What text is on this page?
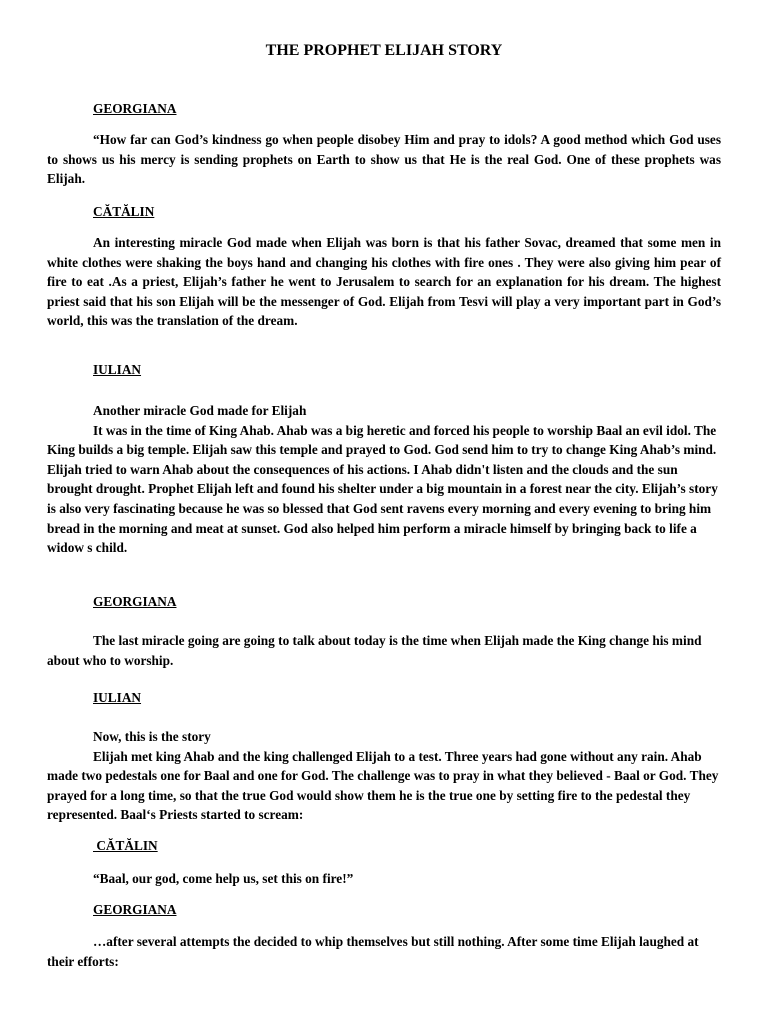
THE PROPHET ELIJAH STORY
GEORGIANA

“How far can God’s kindness go when people disobey Him and pray to idols? A good method which God uses to shows us his mercy is sending prophets on Earth to show us that He is the real God. One of these prophets was Elijah.

CĂTĂLIN

An interesting miracle God made when Elijah was born is that his father Sovac, dreamed that some men in white clothes were shaking the boys hand and changing his clothes with fire ones . They were also giving him pear of fire to eat .As a priest, Elijah’s father he went to Jerusalem to search for an explanation for his dream. The highest priest said that his son Elijah will be the messenger of God. Elijah from Tesvi will play a very important part in God’s world, this was the translation of the dream.

IULIAN

Another miracle God made for Elijah

It was in the time of King Ahab. Ahab was a big heretic and forced his people to worship Baal an evil idol. The King builds a big temple. Elijah saw this temple and prayed to God. God send him to try to change King Ahab’s mind. Elijah tried to warn Ahab about the consequences of his actions. I Ahab didn't listen and the clouds and the sun brought drought. Prophet Elijah left and found his shelter under a big mountain in a forest near the city. Elijah’s story is also very fascinating because he was so blessed that God sent ravens every morning and every evening to bring him bread in the morning and meat at sunset. God also helped him perform a miracle himself by bringing back to life a widow s child.

GEORGIANA

The last miracle going are going to talk about today is the time when Elijah made the King change his mind about who to worship.

IULIAN

Now, this is the story

Elijah met king Ahab and the king challenged Elijah to a test. Three years had gone without any rain. Ahab made two pedestals one for Baal and one for God. The challenge was to pray in what they believed - Baal or God. They prayed for a long time, so that the true God would show them he is the true one by setting fire to the pedestal they represented. Baal‘s Priests started to scream:

CĂTĂLIN

“Baal, our god, come help us, set this on fire!”

GEORGIANA

…after several attempts the decided to whip themselves but still nothing. After some time Elijah laughed at their efforts:
